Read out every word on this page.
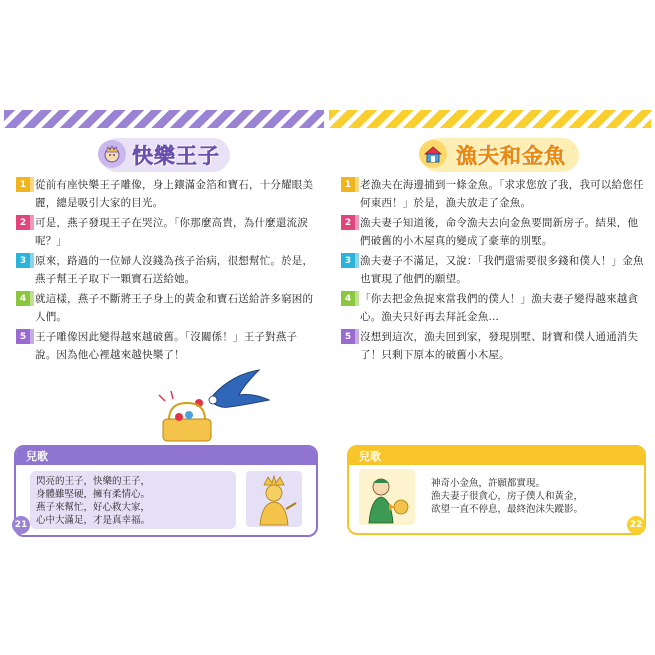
快樂王子
1 從前有座快樂王子雕像，身上鑲滿金箔和寶石，十分耀眼美麗，總是吸引大家的目光。
2 可是，燕子發現王子在哭泣。「你那麼高貴，為什麼還流淚呢？」
3 原來，路過的一位婦人沒錢為孩子治病，很想幫忙。於是，燕子幫王子取下一顆寶石送給她。
4 就這樣，燕子不斷將王子身上的黃金和寶石送給許多窮困的人們。
5 王子雕像因此變得越來越破舊。「沒關係！」王子對燕子說。因為他心裡越來越快樂了！
兒歌
閃亮的王子，快樂的王子，
身體雖堅硬，擁有柔情心。
燕子來幫忙，好心救大家，
心中大滿足，才是真幸福。
21
漁夫和金魚
1 老漁夫在海邊捕到一條金魚。「求求您放了我，我可以給您任何東西！」於是，漁夫放走了金魚。
2 漁夫妻子知道後，命令漁夫去向金魚要間新房子。結果，他們破舊的小木屋真的變成了豪華的別墅。
3 漁夫妻子不滿足，又說：「我們還需要很多錢和僕人！」金魚也實現了他們的願望。
4 「你去把金魚捉來當我們的僕人！」漁夫妻子變得越來越貪心。漁夫只好再去拜託金魚…
5 沒想到這次，漁夫回到家，發現別墅、財寶和僕人通通消失了！只剩下原本的破舊小木屋。
兒歌
神奇小金魚，許願都實現。
漁夫妻子很貪心，房子僕人和黃金，
欲望一直不停息，最終泡沫失蹤影。
22
